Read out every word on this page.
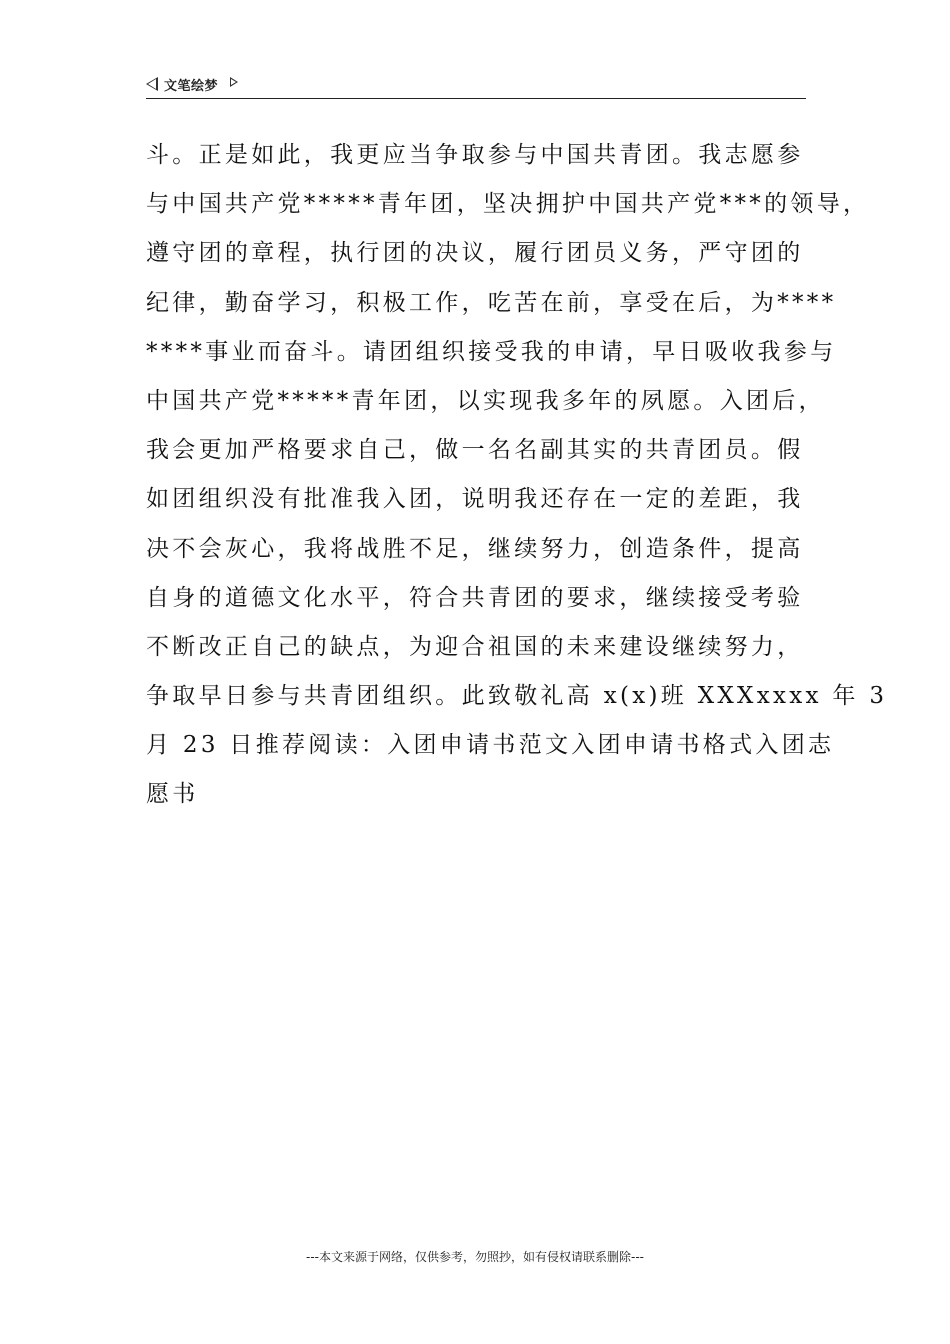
文笔绘梦
斗。正是如此，我更应当争取参与中国共青团。我志愿参
与中国共产党*****青年团，坚决拥护中国共产党***的领导，
遵守团的章程，执行团的决议，履行团员义务，严守团的
纪律，勤奋学习，积极工作，吃苦在前，享受在后，为****
****事业而奋斗。请团组织接受我的申请，早日吸收我参与
中国共产党*****青年团，以实现我多年的夙愿。入团后，
我会更加严格要求自己，做一名名副其实的共青团员。假
如团组织没有批准我入团，说明我还存在一定的差距，我
决不会灰心，我将战胜不足，继续努力，创造条件，提高
自身的道德文化水平，符合共青团的要求，继续接受考验
不断改正自己的缺点，为迎合祖国的未来建设继续努力，
争取早日参与共青团组织。此致敬礼高 x(x)班 XXXxxxx 年 3
月 23 日推荐阅读：入团申请书范文入团申请书格式入团志
愿书
---本文来源于网络，仅供参考，勿照抄，如有侵权请联系删除---
